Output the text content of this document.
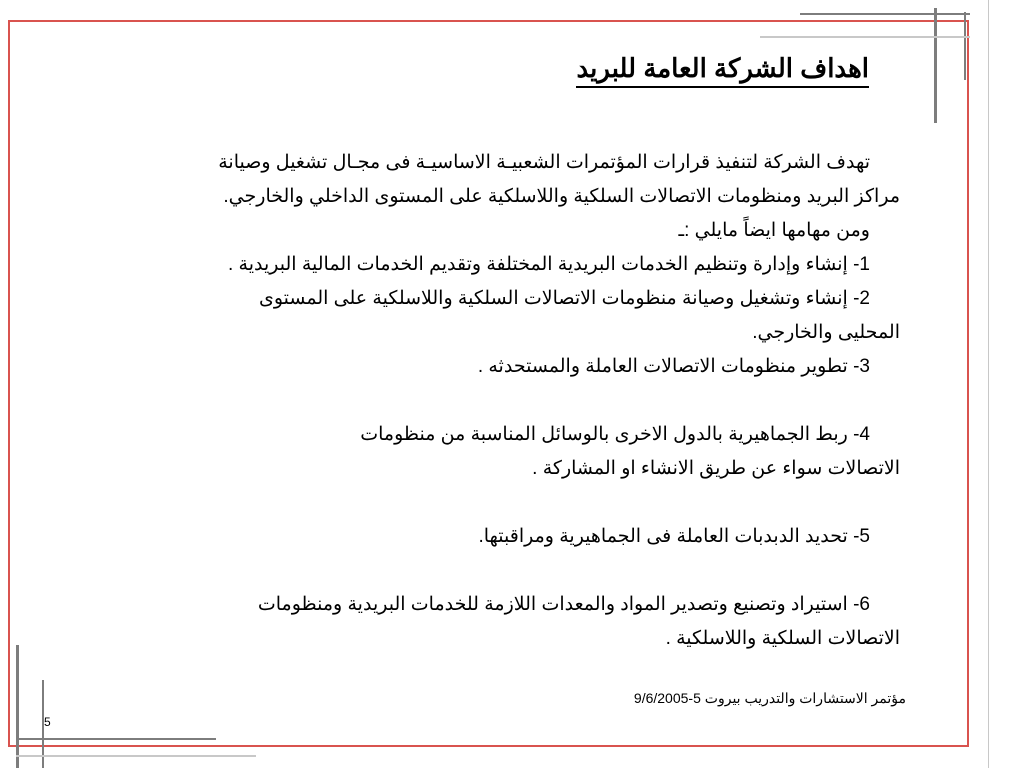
اهداف الشركة العامة للبريد

تهدف الشركة لتنفيذ قرارات المؤتمرات الشعبيـة الاساسيـة فى مجـال تشغيل وصيانة

مراكز البريد ومنظومات الاتصالات السلكية واللاسلكية على المستوى الداخلي والخارجي.

ومن مهامها ايضاً مايلي :ـ

1- إنشاء وإدارة وتنظيم الخدمات البريدية المختلفة وتقديم الخدمات المالية البريدية .

2- إنشاء وتشغيل وصيانة منظومات الاتصالات السلكية واللاسلكية على المستوى

المحليى والخارجي.

3- تطوير منظومات الاتصالات العاملة والمستحدثه .

4- ربط الجماهيرية بالدول الاخرى بالوسائل المناسبة من منظومات

الاتصالات سواء عن طريق الانشاء او المشاركة .

5- تحديد الدبدبات العاملة فى الجماهيرية ومراقبتها.

6- استيراد وتصنيع وتصدير المواد والمعدات اللازمة للخدمات البريدية ومنظومات

الاتصالات السلكية واللاسلكية .

مؤتمر الاستشارات والتدريب بيروت 5-9/6/2005
5
